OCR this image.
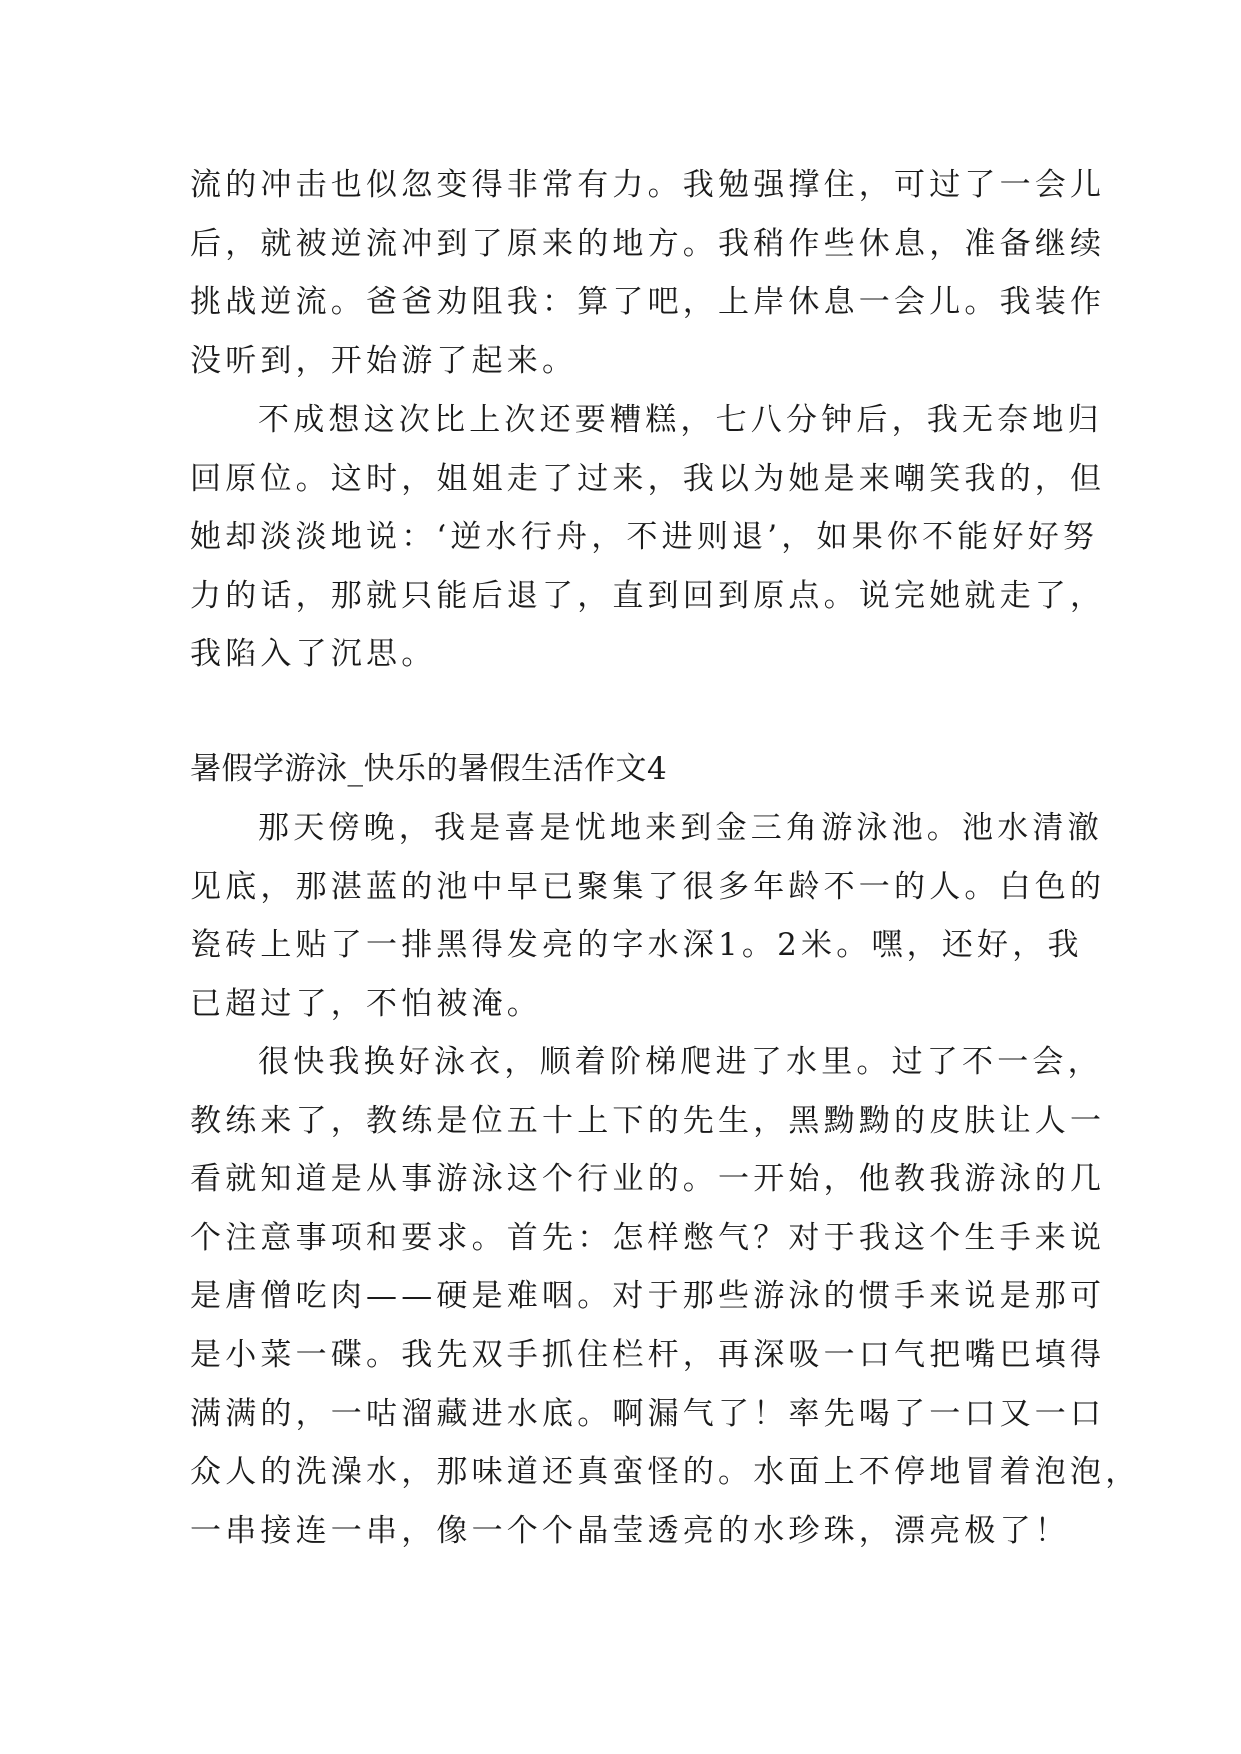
流的冲击也似忽变得非常有力。我勉强撑住，可过了一会儿
后，就被逆流冲到了原来的地方。我稍作些休息，准备继续
挑战逆流。爸爸劝阻我：算了吧，上岸休息一会儿。我装作
没听到，开始游了起来。
不成想这次比上次还要糟糕，七八分钟后，我无奈地归
回原位。这时，姐姐走了过来，我以为她是来嘲笑我的，但
她却淡淡地说：‘逆水行舟，不进则退’，如果你不能好好努
力的话，那就只能后退了，直到回到原点。说完她就走了，
我陷入了沉思。
暑假学游泳_快乐的暑假生活作文4
那天傍晚，我是喜是忧地来到金三角游泳池。池水清澈
见底，那湛蓝的池中早已聚集了很多年龄不一的人。白色的
瓷砖上贴了一排黑得发亮的字水深1。2米。嘿，还好，我
已超过了，不怕被淹。
很快我换好泳衣，顺着阶梯爬进了水里。过了不一会，
教练来了，教练是位五十上下的先生，黑黝黝的皮肤让人一
看就知道是从事游泳这个行业的。一开始，他教我游泳的几
个注意事项和要求。首先：怎样憋气？对于我这个生手来说
是唐僧吃肉——硬是难咽。对于那些游泳的惯手来说是那可
是小菜一碟。我先双手抓住栏杆，再深吸一口气把嘴巴填得
满满的，一咕溜藏进水底。啊漏气了！率先喝了一口又一口
众人的洗澡水，那味道还真蛮怪的。水面上不停地冒着泡泡，
一串接连一串，像一个个晶莹透亮的水珍珠，漂亮极了！
